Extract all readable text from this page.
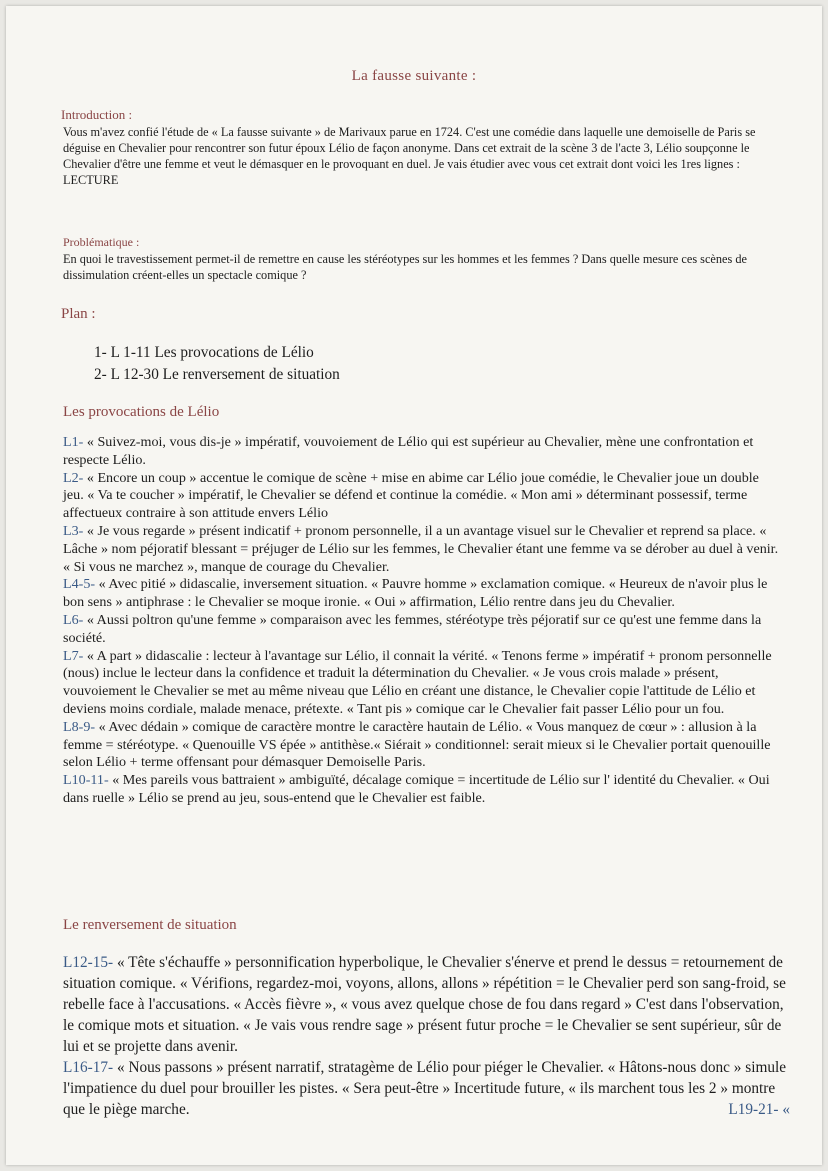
La fausse suivante :
Introduction :
Vous m'avez confié l'étude de « La fausse suivante » de Marivaux parue en 1724. C'est une comédie dans laquelle une demoiselle de Paris se déguise en Chevalier pour rencontrer son futur époux Lélio de façon anonyme. Dans cet extrait de la scène 3 de l'acte 3, Lélio soupçonne le Chevalier d'être une femme et veut le démasquer en le provoquant en duel. Je vais étudier avec vous cet extrait dont voici les 1res lignes : LECTURE
Problématique :
En quoi le travestissement permet-il de remettre en cause les stéréotypes sur les hommes et les femmes ? Dans quelle mesure ces scènes de dissimulation créent-elles un spectacle comique ?
Plan :
1- L 1-11 Les provocations de Lélio
2- L 12-30 Le renversement de situation
Les provocations de Lélio

L1- « Suivez-moi, vous dis-je » impératif, vouvoiement de Lélio qui est supérieur au Chevalier, mène une confrontation et respecte Lélio.

L2- « Encore un coup » accentue le comique de scène + mise en abime car Lélio joue comédie, le Chevalier joue un double jeu. « Va te coucher » impératif, le Chevalier se défend et continue la comédie. « Mon ami » déterminant possessif, terme affectueux contraire à son attitude envers Lélio

L3- « Je vous regarde » présent indicatif + pronom personnelle, il a un avantage visuel sur le Chevalier et reprend sa place. « Lâche » nom péjoratif blessant = préjuger de Lélio sur les femmes, le Chevalier étant une femme va se dérober au duel à venir. « Si vous ne marchez », manque de courage du Chevalier.

L4-5- « Avec pitié » didascalie, inversement situation. « Pauvre homme » exclamation comique. « Heureux de n'avoir plus le bon sens » antiphrase : le Chevalier se moque ironie. « Oui » affirmation, Lélio rentre dans jeu du Chevalier.

L6- « Aussi poltron qu'une femme » comparaison avec les femmes, stéréotype très péjoratif sur ce qu'est une femme dans la société.

L7- « A part » didascalie : lecteur à l'avantage sur Lélio, il connait la vérité. « Tenons ferme » impératif + pronom personnelle (nous) inclue le lecteur dans la confidence et traduit la détermination du Chevalier. « Je vous crois malade » présent, vouvoiement le Chevalier se met au même niveau que Lélio en créant une distance, le Chevalier copie l'attitude de Lélio et deviens moins cordiale, malade menace, prétexte. « Tant pis » comique car le Chevalier fait passer Lélio pour un fou.

L8-9- « Avec dédain » comique de caractère montre le caractère hautain de Lélio. « Vous manquez de cœur » : allusion à la femme = stéréotype. « Quenouille VS épée » antithèse.« Siérait » conditionnel: serait mieux si le Chevalier portait quenouille selon Lélio + terme offensant pour démasquer Demoiselle Paris.

L10-11- « Mes pareils vous battraient » ambiguïté, décalage comique = incertitude de Lélio sur l' identité du Chevalier. « Oui dans ruelle » Lélio se prend au jeu, sous-entend que le Chevalier est faible.

Le renversement de situation

L12-15- « Tête s'échauffe » personnification hyperbolique, le Chevalier s'énerve et prend le dessus = retournement de situation comique. « Vérifions, regardez-moi, voyons, allons, allons » répétition = le Chevalier perd son sang-froid, se rebelle face à l'accusations. « Accès fièvre », « vous avez quelque chose de fou dans regard » C'est dans l'observation, le comique mots et situation. « Je vais vous rendre sage » présent futur proche = le Chevalier se sent supérieur, sûr de lui et se projette dans avenir.

L16-17- « Nous passons » présent narratif, stratagème de Lélio pour piéger le Chevalier. « Hâtons-nous donc » simule l'impatience du duel pour brouiller les pistes. « Sera peut-être » Incertitude future, « ils marchent tous les 2 » montre que le piège marche.	L19-21- «
